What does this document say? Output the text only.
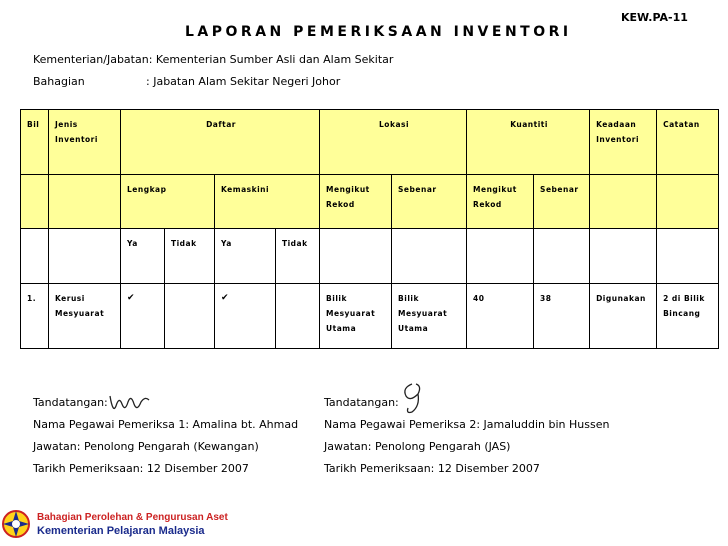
KEW.PA-11
LAPORAN PEMERIKSAAN INVENTORI
Kementerian/Jabatan: Kementerian Sumber Asli dan Alam Sekitar
Bahagian	: Jabatan Alam Sekitar Negeri Johor
Bil	Jenis Inventori	Daftar				Lokasi		Kuantiti		Keadaan Inventori	Catatan
		Lengkap		Kemaskini		Mengikut Rekod	Sebenar	Mengikut Rekod	Sebenar		
		Ya	Tidak	Ya	Tidak						
1.	Kerusi Mesyuarat	✔		✔		Bilik Mesyuarat Utama	Bilik Mesyuarat Utama	40	38	Digunakan	2 di Bilik Bincang
Tandatangan:
Nama Pegawai Pemeriksa 1: Amalina bt. Ahmad
Jawatan: Penolong Pengarah (Kewangan)
Tarikh Pemeriksaan: 12 Disember 2007
Tandatangan:
Nama Pegawai Pemeriksa 2: Jamaluddin bin Hussen
Jawatan: Penolong Pengarah (JAS)
Tarikh Pemeriksaan: 12 Disember 2007
Bahagian Perolehan & Pengurusan Aset
Kementerian Pelajaran Malaysia
